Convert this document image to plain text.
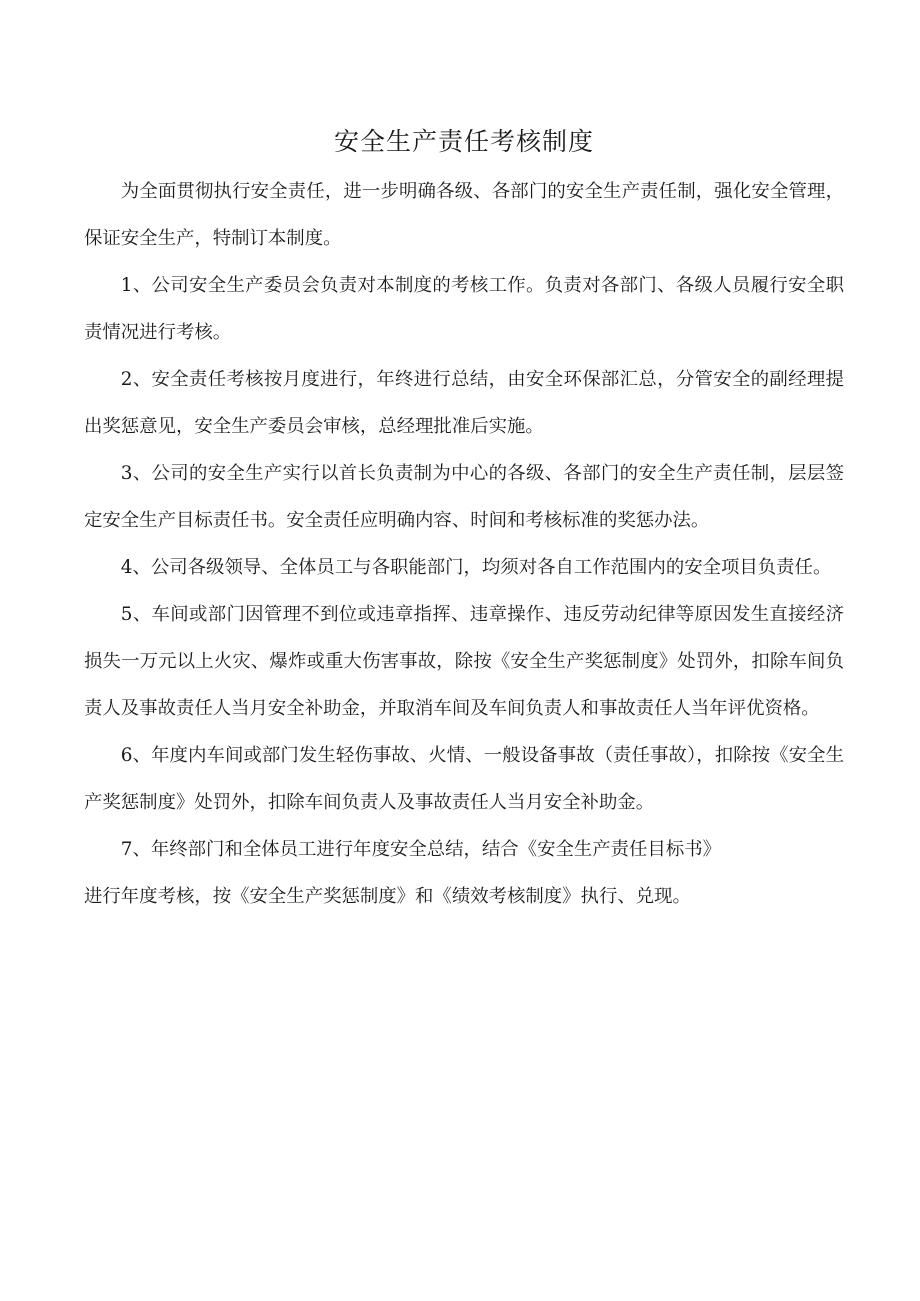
安全生产责任考核制度

为全面贯彻执行安全责任，进一步明确各级、各部门的安全生产责任制，强化安全管理，保证安全生产，特制订本制度。

1、公司安全生产委员会负责对本制度的考核工作。负责对各部门、各级人员履行安全职责情况进行考核。

2、安全责任考核按月度进行，年终进行总结，由安全环保部汇总，分管安全的副经理提出奖惩意见，安全生产委员会审核，总经理批准后实施。

3、公司的安全生产实行以首长负责制为中心的各级、各部门的安全生产责任制，层层签定安全生产目标责任书。安全责任应明确内容、时间和考核标准的奖惩办法。

4、公司各级领导、全体员工与各职能部门，均须对各自工作范围内的安全项目负责任。

5、车间或部门因管理不到位或违章指挥、违章操作、违反劳动纪律等原因发生直接经济损失一万元以上火灾、爆炸或重大伤害事故，除按《安全生产奖惩制度》处罚外，扣除车间负责人及事故责任人当月安全补助金，并取消车间及车间负责人和事故责任人当年评优资格。

6、年度内车间或部门发生轻伤事故、火情、一般设备事故（责任事故），扣除按《安全生产奖惩制度》处罚外，扣除车间负责人及事故责任人当月安全补助金。

7、年终部门和全体员工进行年度安全总结，结合《安全生产责任目标书》

进行年度考核，按《安全生产奖惩制度》和《绩效考核制度》执行、兑现。
